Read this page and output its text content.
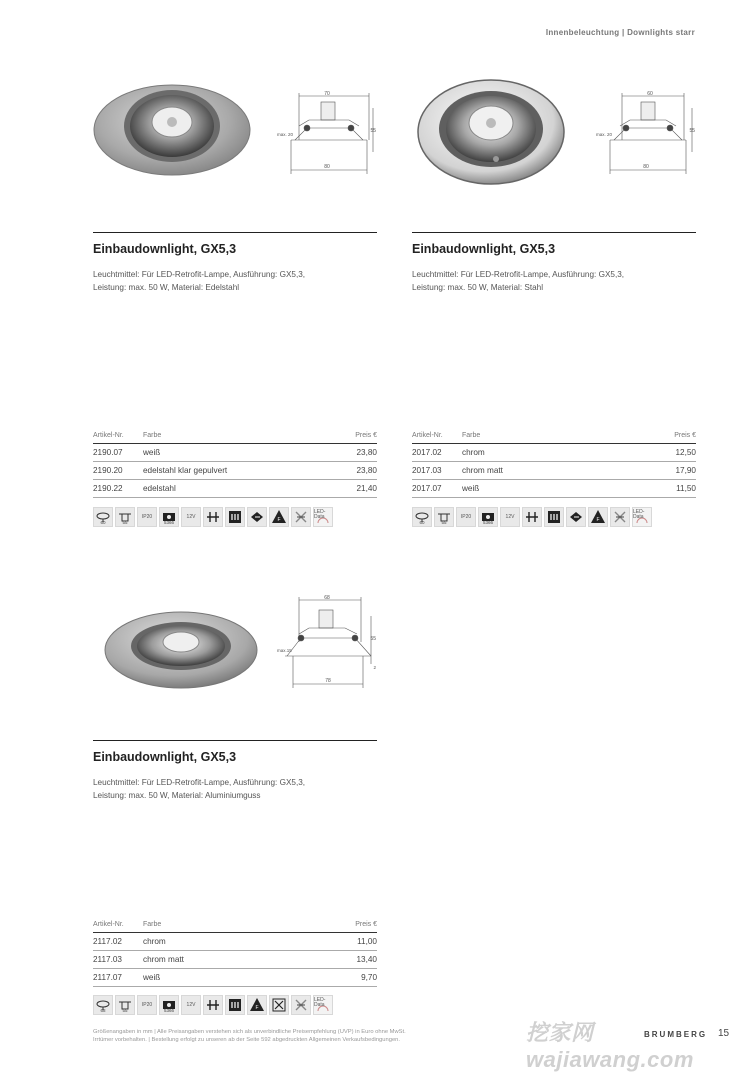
Innenbeleuchtung | Downlights starr
70
55
max. 20
80
Einbaudownlight, GX5,3
Leuchtmittel: Für LED-Retrofit-Lampe, Ausführung: GX5,3,
Leistung: max. 50 W, Material: Edelstahl
Artikel-Nr.	Farbe	Preis €
2190.07	weiß	23,80
2190.20	edelstahl klar gepulvert	23,80
2190.22	edelstahl	21,40
60	55
IP20
5366
12V
F
LED-Data
60
55
max. 20
80
Einbaudownlight, GX5,3
Leuchtmittel: Für LED-Retrofit-Lampe, Ausführung: GX5,3,
Leistung: max. 50 W, Material: Stahl
Artikel-Nr.	Farbe	Preis €
2017.02	chrom	12,50
2017.03	chrom matt	17,90
2017.07	weiß	11,50
60	55
IP20
5366
12V
F
LED-Data
68
55
max.15
2
78
Einbaudownlight, GX5,3
Leuchtmittel: Für LED-Retrofit-Lampe, Ausführung: GX5,3,
Leistung: max. 50 W, Material: Aluminiumguss
Artikel-Nr.	Farbe	Preis €
2117.02	chrom	11,00
2117.03	chrom matt	13,40
2117.07	weiß	9,70
68	55
IP20
5366
12V
F
LED-Data
Größenangaben in mm | Alle Preisangaben verstehen sich als unverbindliche Preisempfehlung (UVP) in Euro ohne MwSt.
Irrtümer vorbehalten. | Bestellung erfolgt zu unseren ab der Seite 592 abgedruckten Allgemeinen Verkaufsbedingungen.	挖家网 wajiawang.com
BRUMBERG 15
